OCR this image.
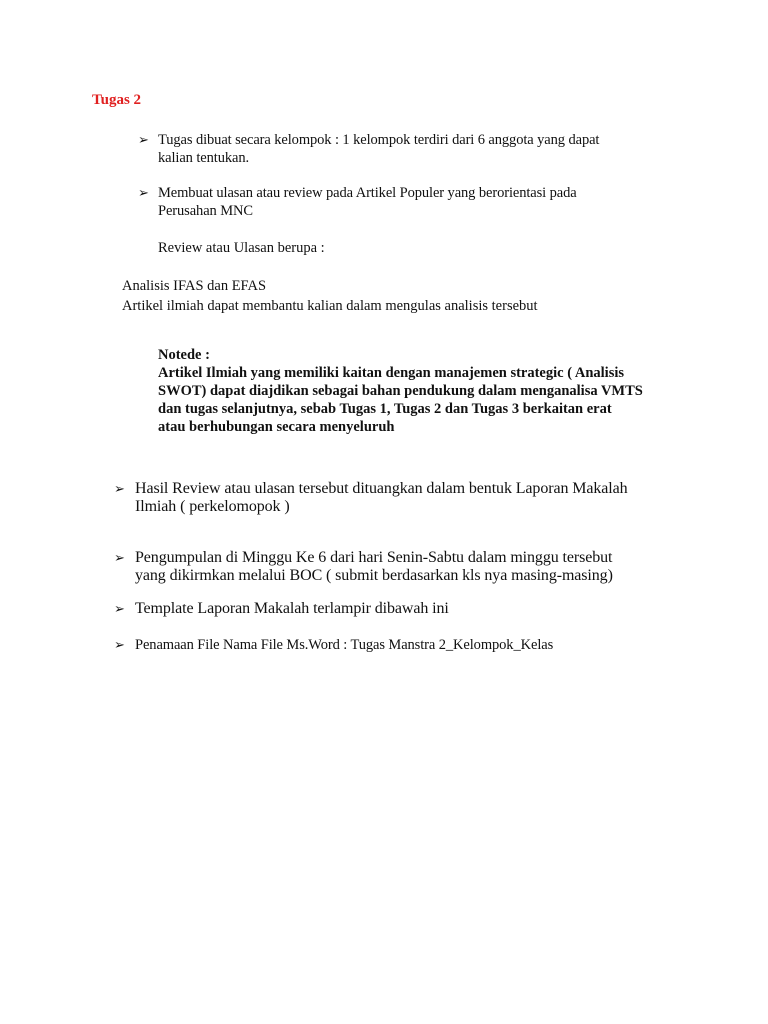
Tugas 2
➢ Tugas dibuat secara kelompok : 1 kelompok terdiri dari 6 anggota yang dapat
kalian tentukan.
➢ Membuat ulasan atau review pada Artikel Populer yang berorientasi pada
Perusahan MNC
Review atau Ulasan berupa :
Analisis IFAS dan EFAS
Artikel ilmiah dapat membantu kalian dalam mengulas analisis tersebut

Notede :

Artikel Ilmiah yang memiliki kaitan dengan manajemen strategic ( Analisis

SWOT) dapat diajdikan sebagai bahan pendukung dalam menganalisa VMTS

dan tugas selanjutnya, sebab Tugas 1, Tugas 2 dan Tugas 3 berkaitan erat

atau berhubungan secara menyeluruh

➢ Hasil Review atau ulasan tersebut dituangkan dalam bentuk Laporan Makalah
Ilmiah ( perkelomopok )
➢ Pengumpulan di Minggu Ke 6 dari hari Senin-Sabtu dalam minggu tersebut
yang dikirmkan melalui BOC ( submit berdasarkan kls nya masing-masing)
➢ Template Laporan Makalah terlampir dibawah ini
➢ Penamaan File Nama File Ms.Word : Tugas Manstra 2_Kelompok_Kelas
